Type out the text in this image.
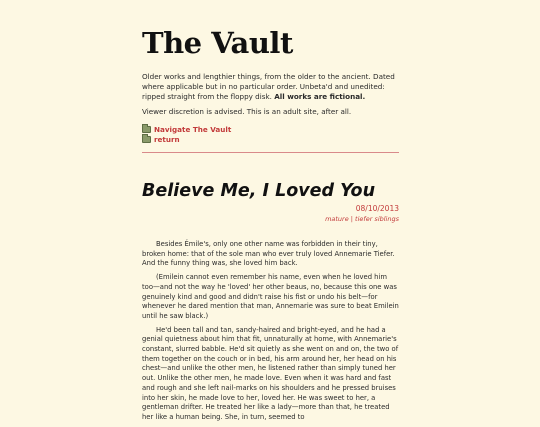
The Vault
Older works and lengthier things, from the older to the ancient. Dated where applicable but in no particular order. Unbeta'd and unedited: ripped straight from the floppy disk. All works are fictional.
Viewer discretion is advised. This is an adult site, after all.
Navigate The Vault
return
Believe Me, I Loved You
08/10/2013
mature | tiefer siblings

Besides Émile's, only one other name was forbidden in their tiny, broken home: that of the sole man who ever truly loved Annemarie Tiefer. And the funny thing was, she loved him back.

(Emilein cannot even remember his name, even when he loved him too—and not the way he 'loved' her other beaus, no, because this one was genuinely kind and good and didn't raise his fist or undo his belt—for whenever he dared mention that man, Annemarie was sure to beat Emilein until he saw black.)

He'd been tall and tan, sandy-haired and bright-eyed, and he had a genial quietness about him that fit, unnaturally at home, with Annemarie's constant, slurred babble. He'd sit quietly as she went on and on, the two of them together on the couch or in bed, his arm around her, her head on his chest—and unlike the other men, he listened rather than simply tuned her out. Unlike the other men, he made love. Even when it was hard and fast and rough and she left nail-marks on his shoulders and he pressed bruises into her skin, he made love to her, loved her. He was sweet to her, a gentleman drifter. He treated her like a lady—more than that, he treated her like a human being. She, in turn, seemed to
